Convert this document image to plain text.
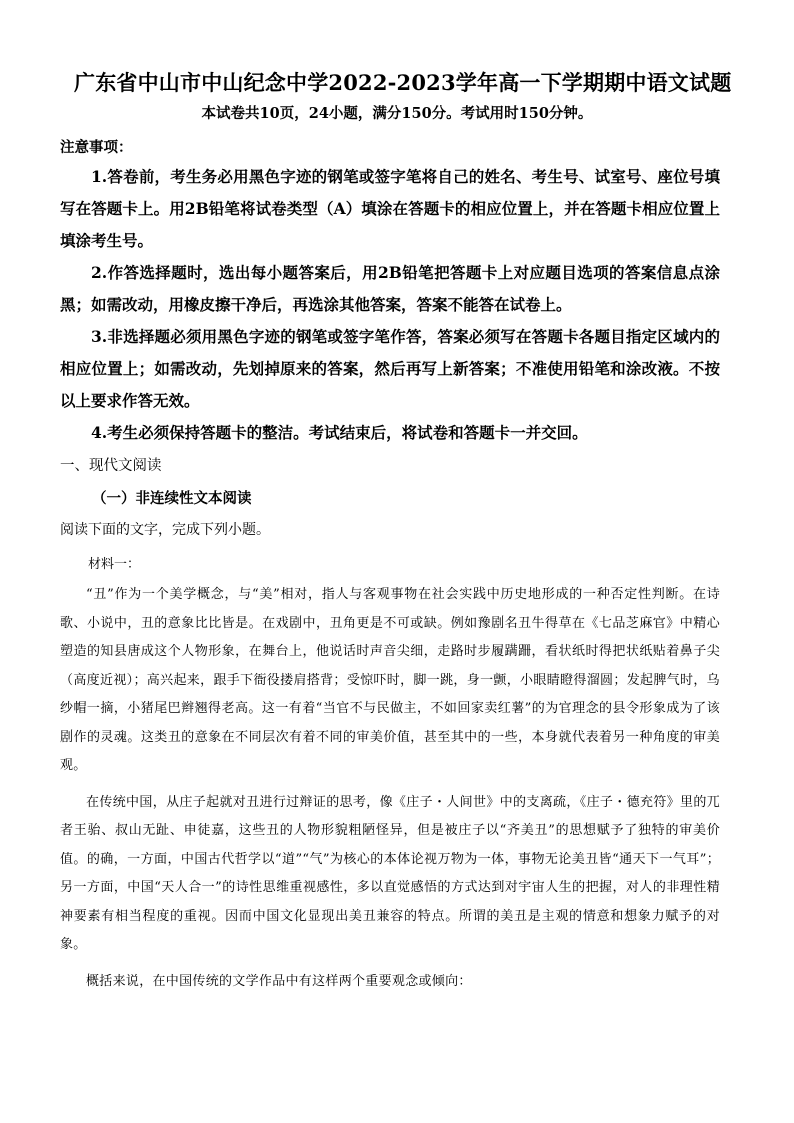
广东省中山市中山纪念中学2022-2023学年高一下学期期中语文试题

本试卷共10页，24小题，满分150分。考试用时150分钟。

注意事项：

1.答卷前，考生务必用黑色字迹的钢笔或签字笔将自己的姓名、考生号、试室号、座位号填写在答题卡上。用2B铅笔将试卷类型（A）填涂在答题卡的相应位置上，并在答题卡相应位置上填涂考生号。

2.作答选择题时，选出每小题答案后，用2B铅笔把答题卡上对应题目选项的答案信息点涂黑；如需改动，用橡皮擦干净后，再选涂其他答案，答案不能答在试卷上。

3.非选择题必须用黑色字迹的钢笔或签字笔作答，答案必须写在答题卡各题目指定区域内的相应位置上；如需改动，先划掉原来的答案，然后再写上新答案；不准使用铅笔和涂改液。不按以上要求作答无效。

4.考生必须保持答题卡的整洁。考试结束后，将试卷和答题卡一并交回。

一、现代文阅读

（一）非连续性文本阅读

阅读下面的文字，完成下列小题。

材料一：

“丑”作为一个美学概念，与“美”相对，指人与客观事物在社会实践中历史地形成的一种否定性判断。在诗歌、小说中，丑的意象比比皆是。在戏剧中，丑角更是不可或缺。例如豫剧名丑牛得草在《七品芝麻官》中精心塑造的知县唐成这个人物形象，在舞台上，他说话时声音尖细，走路时步履蹒跚，看状纸时得把状纸贴着鼻子尖（高度近视）；高兴起来，跟手下衙役搂肩搭背；受惊吓时，脚一跳，身一颤，小眼睛瞪得溜圆；发起脾气时，乌纱帽一摘，小猪尾巴辫翘得老高。这一有着“当官不与民做主，不如回家卖红薯”的为官理念的县令形象成为了该剧作的灵魂。这类丑的意象在不同层次有着不同的审美价值，甚至其中的一些，本身就代表着另一种角度的审美观。

在传统中国，从庄子起就对丑进行过辩证的思考，像《庄子・人间世》中的支离疏，《庄子・德充符》里的兀者王骀、叔山无趾、申徒嘉，这些丑的人物形貌粗陋怪异，但是被庄子以“齐美丑”的思想赋予了独特的审美价值。的确，一方面，中国古代哲学以“道”“气”为核心的本体论视万物为一体，事物无论美丑皆“通天下一气耳”；另一方面，中国“天人合一”的诗性思维重视感性，多以直觉感悟的方式达到对宇宙人生的把握，对人的非理性精神要素有相当程度的重视。因而中国文化显现出美丑兼容的特点。所谓的美丑是主观的情意和想象力赋予的对象。

概括来说，在中国传统的文学作品中有这样两个重要观念或倾向：
